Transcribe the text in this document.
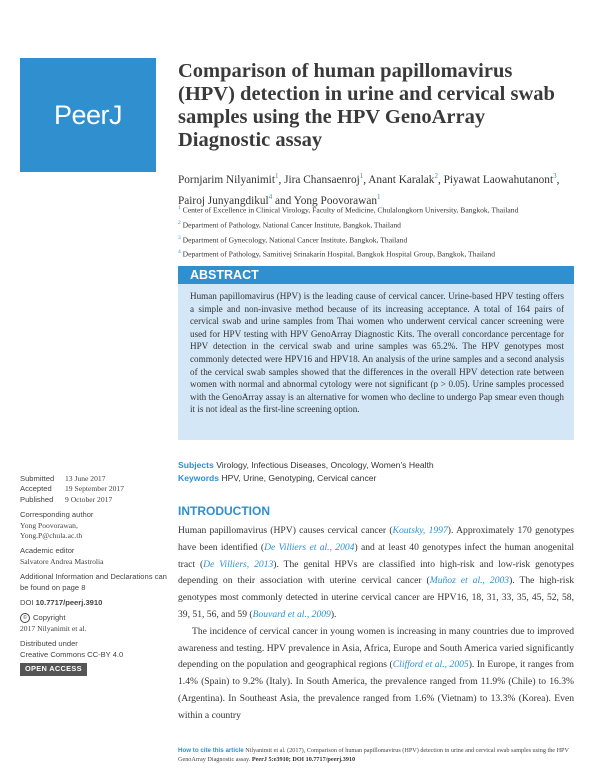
PeerJ
Comparison of human papillomavirus (HPV) detection in urine and cervical swab samples using the HPV GenoArray Diagnostic assay
Pornjarim Nilyanimit$^1$, Jira Chansaenroj$^1$, Anant Karalak$^2$, Piyawat Laowahutanont$^3$, Pairoj Junyangdikul$^4$ and Yong Poovorawan$^1$
$^1$ Center of Excellence in Clinical Virology, Faculty of Medicine, Chulalongkorn University, Bangkok, Thailand
$^2$ Department of Pathology, National Cancer Institute, Bangkok, Thailand
$^3$ Department of Gynecology, National Cancer Institute, Bangkok, Thailand
$^4$ Department of Pathology, Samitivej Srinakarin Hospital, Bangkok Hospital Group, Bangkok, Thailand
ABSTRACT

Human papillomavirus (HPV) is the leading cause of cervical cancer. Urine-based HPV testing offers a simple and non-invasive method because of its increasing acceptance. A total of 164 pairs of cervical swab and urine samples from Thai women who underwent cervical cancer screening were used for HPV testing with HPV GenoArray Diagnostic Kits. The overall concordance percentage for HPV detection in the cervical swab and urine samples was 65.2%. The HPV genotypes most commonly detected were HPV16 and HPV18. An analysis of the urine samples and a second analysis of the cervical swab samples showed that the differences in the overall HPV detection rate between women with normal and abnormal cytology were not significant (p > 0.05). Urine samples processed with the GenoArray assay is an alternative for women who decline to undergo Pap smear even though it is not ideal as the first-line screening option.

Subjects Virology, Infectious Diseases, Oncology, Women’s Health
Keywords HPV, Urine, Genotyping, Cervical cancer
Submitted 13 June 2017
Accepted 19 September 2017
Published 9 October 2017
Corresponding author
Yong Poovorawan,
Yong.P@chula.ac.th
Academic editor
Salvatore Andrea Mastrolia
Additional Information and Declarations can be found on page 8
DOI 10.7717/peerj.3910
© Copyright
2017 Nilyanimit et al.
Distributed under
Creative Commons CC-BY 4.0
OPEN ACCESS
INTRODUCTION

Human papillomavirus (HPV) causes cervical cancer (Koutsky, 1997). Approximately 170 genotypes have been identified (De Villiers et al., 2004) and at least 40 genotypes infect the human anogenital tract (De Villiers, 2013). The genital HPVs are classified into high-risk and low-risk genotypes depending on their association with uterine cervical cancer (Muñoz et al., 2003). The high-risk genotypes most commonly detected in uterine cervical cancer are HPV16, 18, 31, 33, 35, 45, 52, 58, 39, 51, 56, and 59 (Bouvard et al., 2009).

The incidence of cervical cancer in young women is increasing in many countries due to improved awareness and testing. HPV prevalence in Asia, Africa, Europe and South America varied significantly depending on the population and geographical regions (Clifford et al., 2005). In Europe, it ranges from 1.4% (Spain) to 9.2% (Italy). In South America, the prevalence ranged from 11.9% (Chile) to 16.3% (Argentina). In Southeast Asia, the prevalence ranged from 1.6% (Vietnam) to 13.3% (Korea). Even within a country

How to cite this article Nilyanimit et al. (2017), Comparison of human papillomavirus (HPV) detection in urine and cervical swab samples using the HPV GenoArray Diagnostic assay. PeerJ 5:e3910; DOI 10.7717/peerj.3910
